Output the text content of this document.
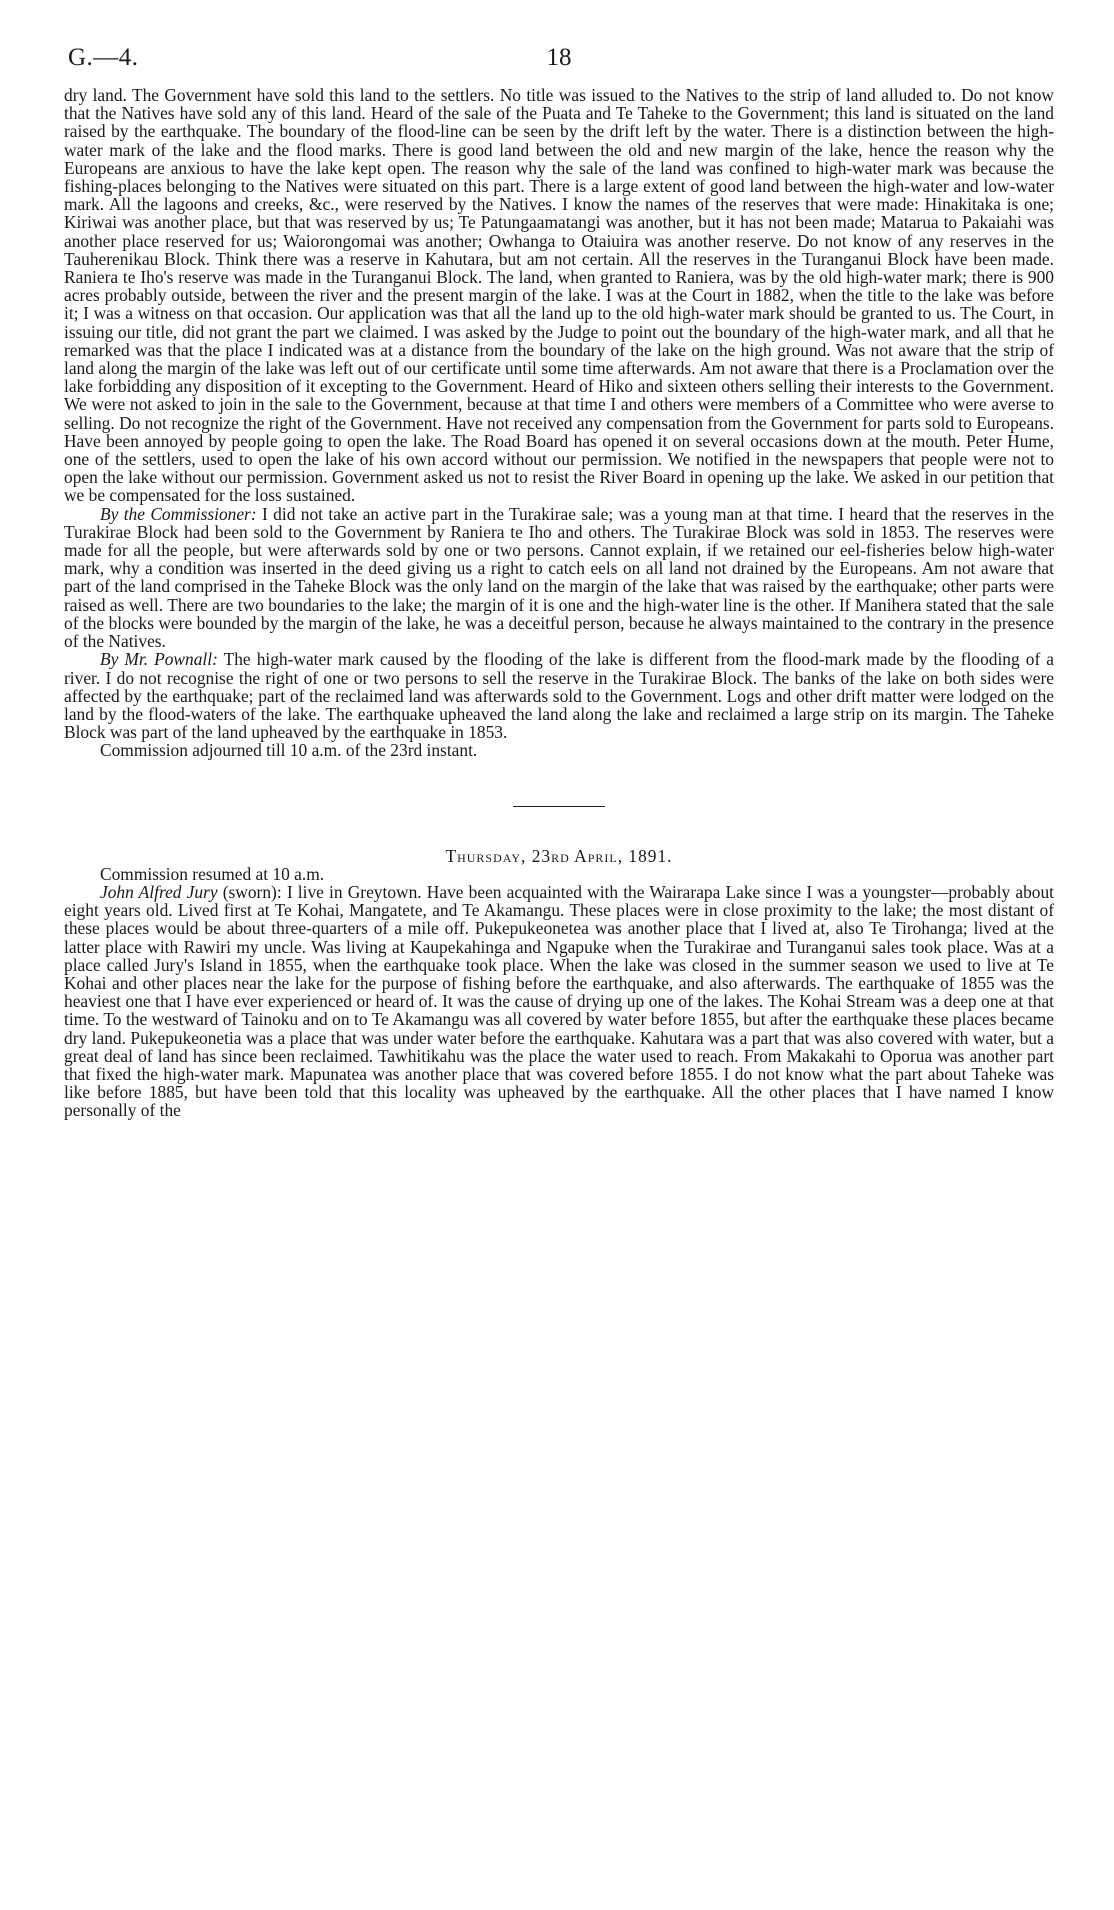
G.—4.	18

dry land. The Government have sold this land to the settlers. No title was issued to the Natives to the strip of land alluded to. Do not know that the Natives have sold any of this land. Heard of the sale of the Puata and Te Taheke to the Government; this land is situated on the land raised by the earthquake. The boundary of the flood-line can be seen by the drift left by the water. There is a distinction between the high-water mark of the lake and the flood marks. There is good land between the old and new margin of the lake, hence the reason why the Europeans are anxious to have the lake kept open. The reason why the sale of the land was confined to high-water mark was because the fishing-places belonging to the Natives were situated on this part. There is a large extent of good land between the high-water and low-water mark. All the lagoons and creeks, &c., were reserved by the Natives. I know the names of the reserves that were made: Hinakitaka is one; Kiriwai was another place, but that was reserved by us; Te Patungaamatangi was another, but it has not been made; Matarua to Pakaiahi was another place reserved for us; Waiorongomai was another; Owhanga to Otaiuira was another reserve. Do not know of any reserves in the Tauherenikau Block. Think there was a reserve in Kahutara, but am not certain. All the reserves in the Turanganui Block have been made. Raniera te Iho's reserve was made in the Turanganui Block. The land, when granted to Raniera, was by the old high-water mark; there is 900 acres probably outside, between the river and the present margin of the lake. I was at the Court in 1882, when the title to the lake was before it; I was a witness on that occasion. Our application was that all the land up to the old high-water mark should be granted to us. The Court, in issuing our title, did not grant the part we claimed. I was asked by the Judge to point out the boundary of the high-water mark, and all that he remarked was that the place I indicated was at a distance from the boundary of the lake on the high ground. Was not aware that the strip of land along the margin of the lake was left out of our certificate until some time afterwards. Am not aware that there is a Proclamation over the lake forbidding any disposition of it excepting to the Government. Heard of Hiko and sixteen others selling their interests to the Government. We were not asked to join in the sale to the Government, because at that time I and others were members of a Committee who were averse to selling. Do not recognize the right of the Government. Have not received any compensation from the Government for parts sold to Europeans. Have been annoyed by people going to open the lake. The Road Board has opened it on several occasions down at the mouth. Peter Hume, one of the settlers, used to open the lake of his own accord without our permission. We notified in the newspapers that people were not to open the lake without our permission. Government asked us not to resist the River Board in opening up the lake. We asked in our petition that we be compensated for the loss sustained.

By the Commissioner: I did not take an active part in the Turakirae sale; was a young man at that time. I heard that the reserves in the Turakirae Block had been sold to the Government by Raniera te Iho and others. The Turakirae Block was sold in 1853. The reserves were made for all the people, but were afterwards sold by one or two persons. Cannot explain, if we retained our eel-fisheries below high-water mark, why a condition was inserted in the deed giving us a right to catch eels on all land not drained by the Europeans. Am not aware that part of the land comprised in the Taheke Block was the only land on the margin of the lake that was raised by the earthquake; other parts were raised as well. There are two boundaries to the lake; the margin of it is one and the high-water line is the other. If Manihera stated that the sale of the blocks were bounded by the margin of the lake, he was a deceitful person, because he always maintained to the contrary in the presence of the Natives.

By Mr. Pownall: The high-water mark caused by the flooding of the lake is different from the flood-mark made by the flooding of a river. I do not recognise the right of one or two persons to sell the reserve in the Turakirae Block. The banks of the lake on both sides were affected by the earthquake; part of the reclaimed land was afterwards sold to the Government. Logs and other drift matter were lodged on the land by the flood-waters of the lake. The earthquake upheaved the land along the lake and reclaimed a large strip on its margin. The Taheke Block was part of the land upheaved by the earthquake in 1853.

Commission adjourned till 10 a.m. of the 23rd instant.

Thursday, 23rd April, 1891.

Commission resumed at 10 a.m.

John Alfred Jury (sworn): I live in Greytown. Have been acquainted with the Wairarapa Lake since I was a youngster—probably about eight years old. Lived first at Te Kohai, Mangatete, and Te Akamangu. These places were in close proximity to the lake; the most distant of these places would be about three-quarters of a mile off. Pukepukeonetea was another place that I lived at, also Te Tirohanga; lived at the latter place with Rawiri my uncle. Was living at Kaupekahinga and Ngapuke when the Turakirae and Turanganui sales took place. Was at a place called Jury's Island in 1855, when the earthquake took place. When the lake was closed in the summer season we used to live at Te Kohai and other places near the lake for the purpose of fishing before the earthquake, and also afterwards. The earthquake of 1855 was the heaviest one that I have ever experienced or heard of. It was the cause of drying up one of the lakes. The Kohai Stream was a deep one at that time. To the westward of Tainoku and on to Te Akamangu was all covered by water before 1855, but after the earthquake these places became dry land. Pukepukeonetia was a place that was under water before the earthquake. Kahutara was a part that was also covered with water, but a great deal of land has since been reclaimed. Tawhitikahu was the place the water used to reach. From Makakahi to Oporua was another part that fixed the high-water mark. Mapunatea was another place that was covered before 1855. I do not know what the part about Taheke was like before 1885, but have been told that this locality was upheaved by the earthquake. All the other places that I have named I know personally of the
